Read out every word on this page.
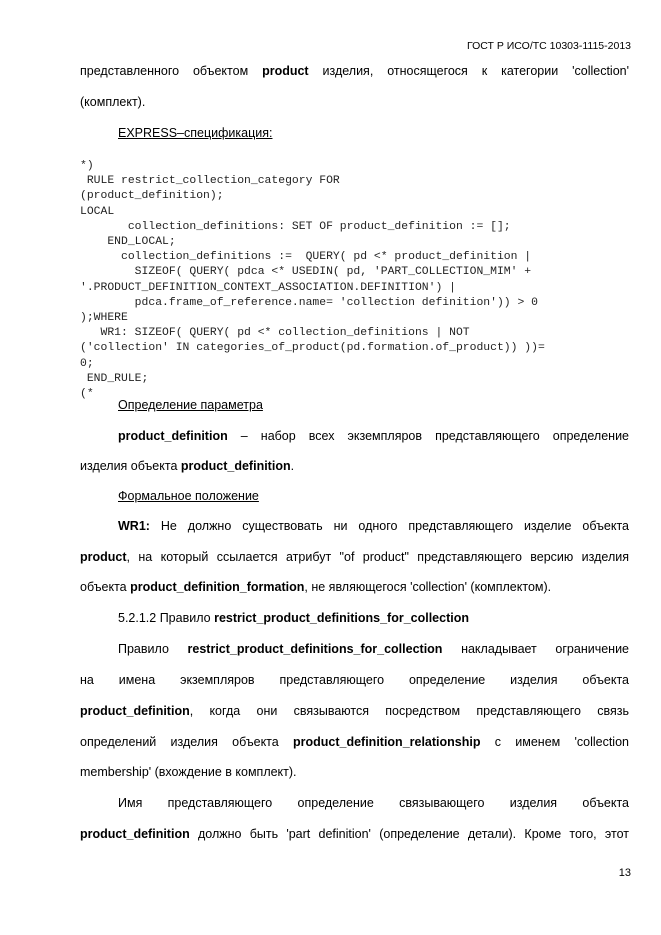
ГОСТ Р ИСО/ТС 10303-1115-2013
представленного объектом product изделия, относящегося к категории 'collection'
(комплект).
EXPRESS–спецификация:
*)
RULE restrict_collection_category FOR
(product_definition);
LOCAL
collection_definitions: SET OF product_definition := [];
END_LOCAL;
collection_definitions :=  QUERY( pd <* product_definition |
SIZEOF( QUERY( pdca <* USEDIN( pd, 'PART_COLLECTION_MIM' +
'.PRODUCT_DEFINITION_CONTEXT_ASSOCIATION.DEFINITION') |
pdca.frame_of_reference.name= 'collection definition')) > 0
);WHERE
WR1: SIZEOF( QUERY( pd <* collection_definitions | NOT
('collection' IN categories_of_product(pd.formation.of_product)) ))=
0;
END_RULE;
(*
Определение параметра
product_definition – набор всех экземпляров представляющего определение
изделия объекта product_definition.
Формальное положение
WR1: Не должно существовать ни одного представляющего изделие объекта
product, на который ссылается атрибут "of product" представляющего версию изделия
объекта product_definition_formation, не являющегося 'collection' (комплектом).
5.2.1.2 Правило restrict_product_definitions_for_collection
Правило restrict_product_definitions_for_collection накладывает ограничение
на имена экземпляров представляющего определение изделия объекта
product_definition, когда они связываются посредством представляющего связь
определений изделия объекта product_definition_relationship с именем 'collection
membership' (вхождение в комплект).
Имя представляющего определение связывающего изделия объекта
product_definition должно быть 'part definition' (определение детали). Кроме того, этот
13
